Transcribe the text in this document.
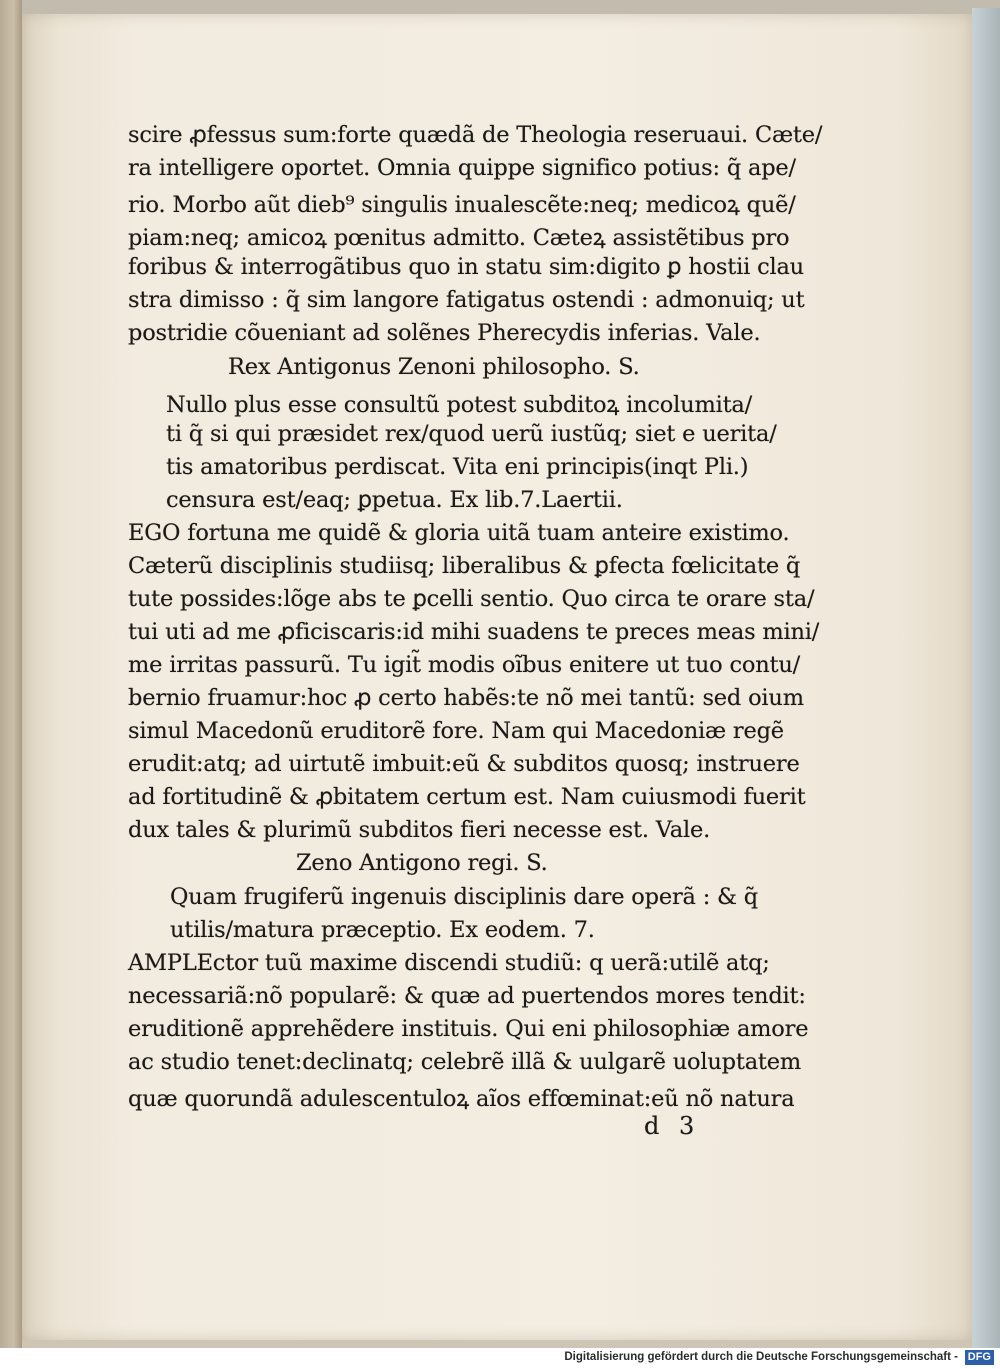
scire ꝓfessus sum:forte quædã de Theologia reseruaui. Cæte/
ra intelligere oportet. Omnia quippe significo potius: q̃ ape/
rio. Morbo aũt dieb⁹ singulis inualescẽte:neq; medicoꝝ quẽ/
piam:neq; amicoꝝ pœnitus admitto. Cæteꝝ assistẽtibus pro
foribus & interrogãtibus quo in statu sim:digito ꝑ hostii clau
stra dimisso : q̃ sim langore fatigatus ostendi : admonuiq; ut
postridie cõueniant ad solẽnes Pherecydis inferias. Vale.
Rex Antigonus Zenoni philosopho. S.
Nullo plus esse consultũ potest subditoꝝ incolumita/
ti q̃ si qui præsidet rex/quod uerũ iustũq; siet e uerita/
tis amatoribus perdiscat. Vita eni principis(inqt Pli.)
censura est/eaq; ꝑpetua. Ex lib.7.Laertii.
EGO fortuna me quidẽ & gloria uitã tuam anteire existimo.
Cæterũ disciplinis studiisq; liberalibus & ꝑfecta fœlicitate q̃
tute possides:lõge abs te ꝑcelli sentio. Quo circa te orare sta/
tui uti ad me ꝓficiscaris:id mihi suadens te preces meas mini/
me irritas passurũ. Tu igit̃ modis oĩbus enitere ut tuo contu/
bernio fruamur:hoc ꝓ certo habẽs:te nõ mei tantũ: sed oium
simul Macedonũ eruditorẽ fore. Nam qui Macedoniæ regẽ
erudit:atq; ad uirtutẽ imbuit:eũ & subditos quosq; instruere
ad fortitudinẽ & ꝓbitatem certum est. Nam cuiusmodi fuerit
dux tales & plurimũ subditos fieri necesse est. Vale.
Zeno Antigono regi. S.
Quam frugiferũ ingenuis disciplinis dare operã : & q̃
utilis/matura præceptio. Ex eodem. 7.
AMPLEctor tuũ maxime discendi studiũ: q uerã:utilẽ atq;
necessariã:nõ popularẽ: & quæ ad puertendos mores tendit:
eruditionẽ apprehẽdere instituis. Qui eni philosophiæ amore
ac studio tenet:declinatq; celebrẽ illã & uulgarẽ uoluptatem
quæ quorundã adulescentuloꝝ aĩos effœminat:eũ nõ natura
d 3
Digitalisierung gefördert durch die Deutsche Forschungsgemeinschaft - DFG
